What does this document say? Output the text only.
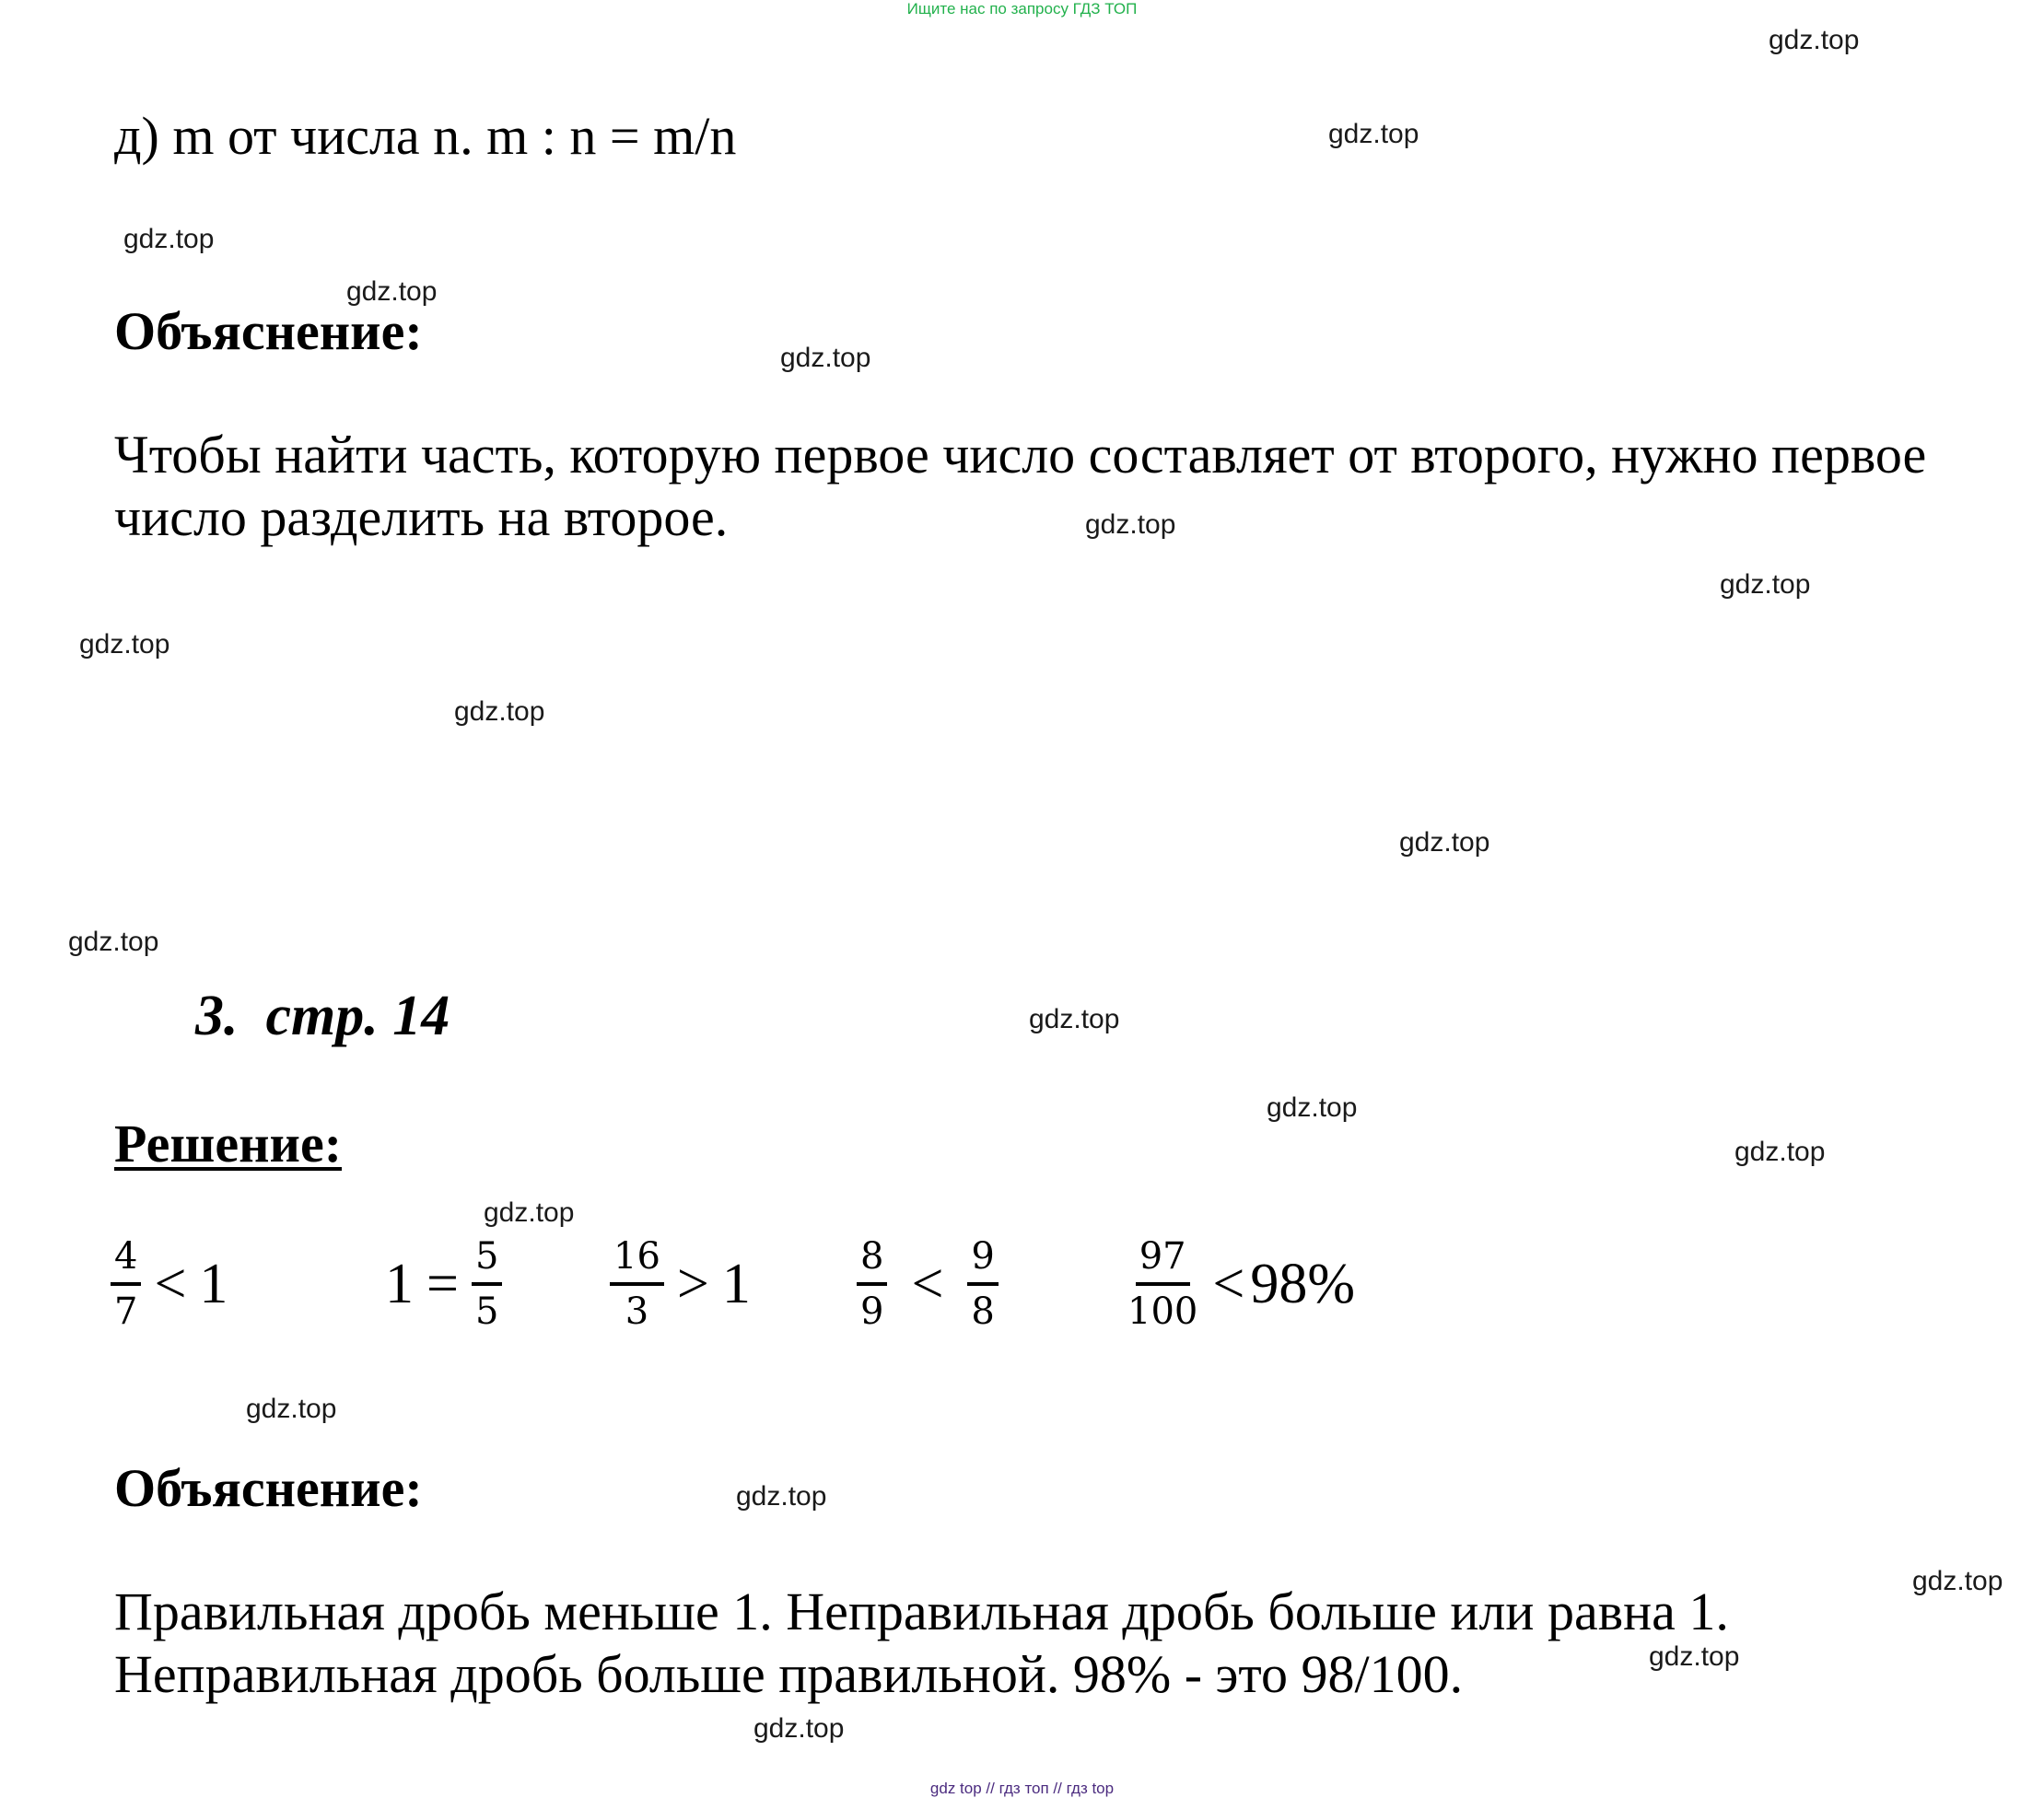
Ищите нас по запросу ГДЗ ТОП
gdz.top
gdz.top
gdz.top
gdz.top
gdz.top
gdz.top
gdz.top
gdz.top
gdz.top
gdz.top
gdz.top
gdz.top
gdz.top
gdz.top
gdz.top
gdz.top
gdz.top
gdz.top
gdz.top
gdz.top
д) m от числа n. m : n = m/n
Объяснение:
Чтобы найти часть, которую первое число составляет от второго, нужно первое
число разделить на второе.
3. стр. 14
Решение:
$\frac{4}{7} < 1$	$1 = \frac{5}{5}$	$\frac{16}{3} > 1$	$\frac{8}{9} < \frac{9}{8}$	$\frac{97}{100} < 98\%$
Объяснение:
Правильная дробь меньше 1. Неправильная дробь больше или равна 1.
Неправильная дробь больше правильной. 98% - это 98/100.
gdz top // гдз топ // гдз top
